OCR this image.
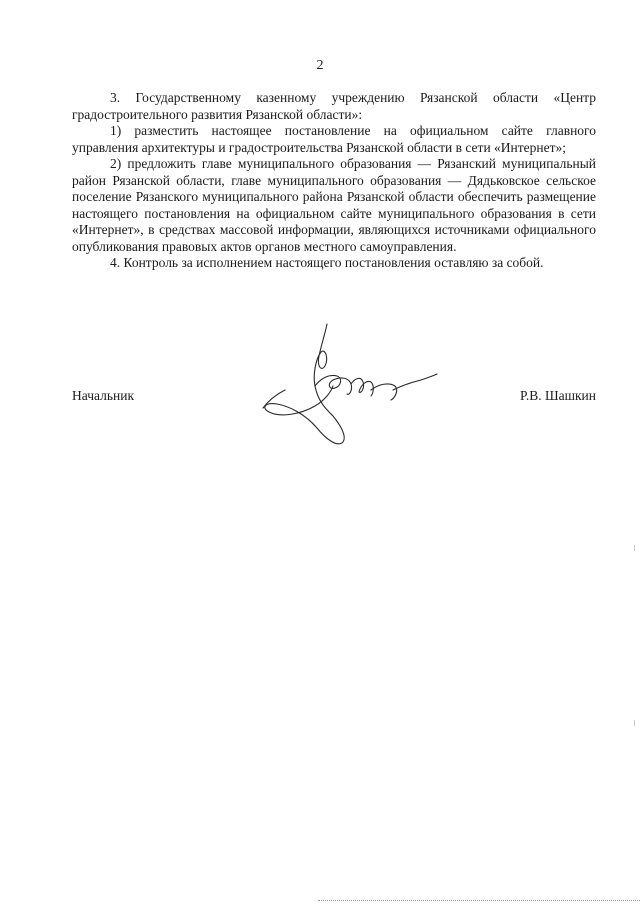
2

3. Государственному казенному учреждению Рязанской области «Центр градостроительного развития Рязанской области»:

1) разместить настоящее постановление на официальном сайте главного управления архитектуры и градостроительства Рязанской области в сети «Интернет»;

2) предложить главе муниципального образования — Рязанский муниципальный район Рязанской области, главе муниципального образования — Дядьковское сельское поселение Рязанского муниципального района Рязанской области обеспечить размещение настоящего постановления на официальном сайте муниципального образования в сети «Интернет», в средствах массовой информации, являющихся источниками официального опубликования правовых актов органов местного самоуправления.

4. Контроль за исполнением настоящего постановления оставляю за собой.

Начальник	Р.В. Шашкин
